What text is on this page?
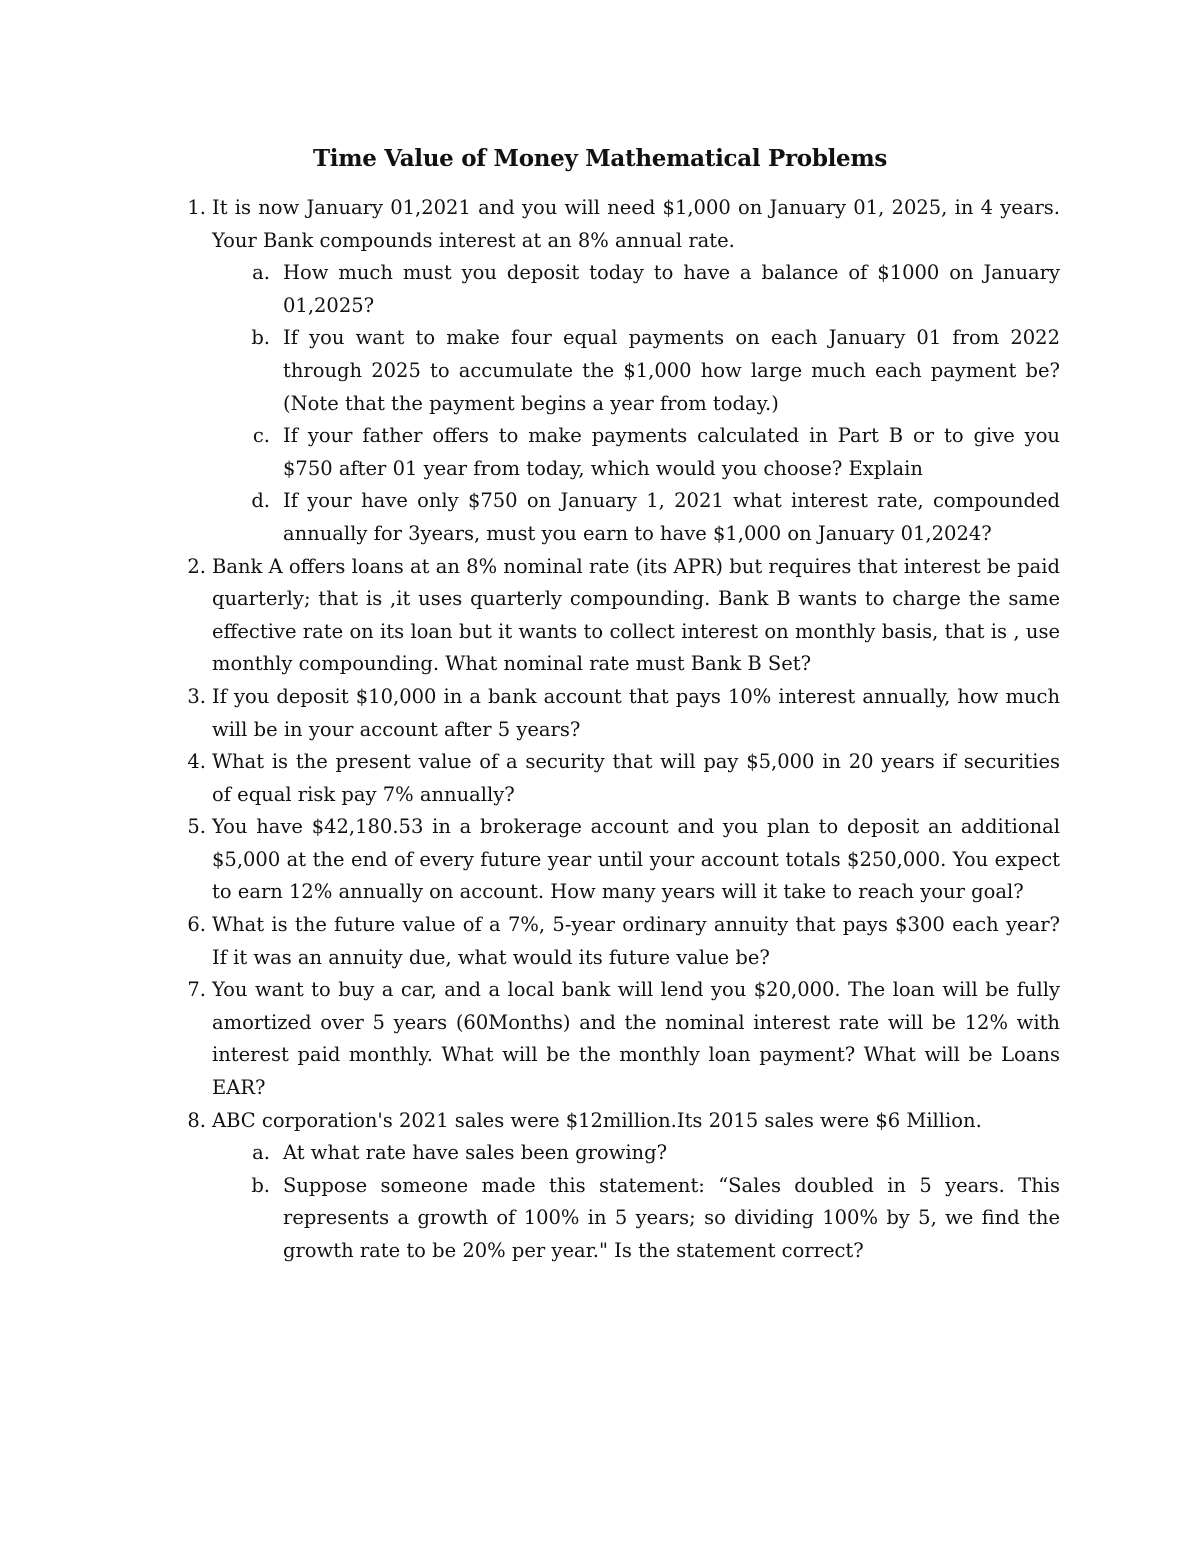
Time Value of Money Mathematical Problems
1. It is now January 01,2021 and you will need $1,000 on January 01, 2025, in 4 years. Your Bank compounds interest at an 8% annual rate.
a. How much must you deposit today to have a balance of $1000 on January 01,2025?
b. If you want to make four equal payments on each January 01 from 2022 through 2025 to accumulate the $1,000 how large much each payment be? (Note that the payment begins a year from today.)
c. If your father offers to make payments calculated in Part B or to give you $750 after 01 year from today, which would you choose? Explain
d. If your have only $750 on January 1, 2021 what interest rate, compounded annually for 3years, must you earn to have $1,000 on January 01,2024?
2. Bank A offers loans at an 8% nominal rate (its APR) but requires that interest be paid quarterly; that is ,it uses quarterly compounding. Bank B wants to charge the same effective rate on its loan but it wants to collect interest on monthly basis, that is , use monthly compounding. What nominal rate must Bank B Set?
3. If you deposit $10,000 in a bank account that pays 10% interest annually, how much will be in your account after 5 years?
4. What is the present value of a security that will pay $5,000 in 20 years if securities of equal risk pay 7% annually?
5. You have $42,180.53 in a brokerage account and you plan to deposit an additional $5,000 at the end of every future year until your account totals $250,000. You expect to earn 12% annually on account. How many years will it take to reach your goal?
6. What is the future value of a 7%, 5-year ordinary annuity that pays $300 each year? If it was an annuity due, what would its future value be?
7. You want to buy a car, and a local bank will lend you $20,000. The loan will be fully amortized over 5 years (60Months) and the nominal interest rate will be 12% with interest paid monthly. What will be the monthly loan payment? What will be Loans EAR?
8. ABC corporation's 2021 sales were $12million.Its 2015 sales were $6 Million.
a. At what rate have sales been growing?
b. Suppose someone made this statement: “Sales doubled in 5 years. This represents a growth of 100% in 5 years; so dividing 100% by 5, we find the growth rate to be 20% per year." Is the statement correct?
